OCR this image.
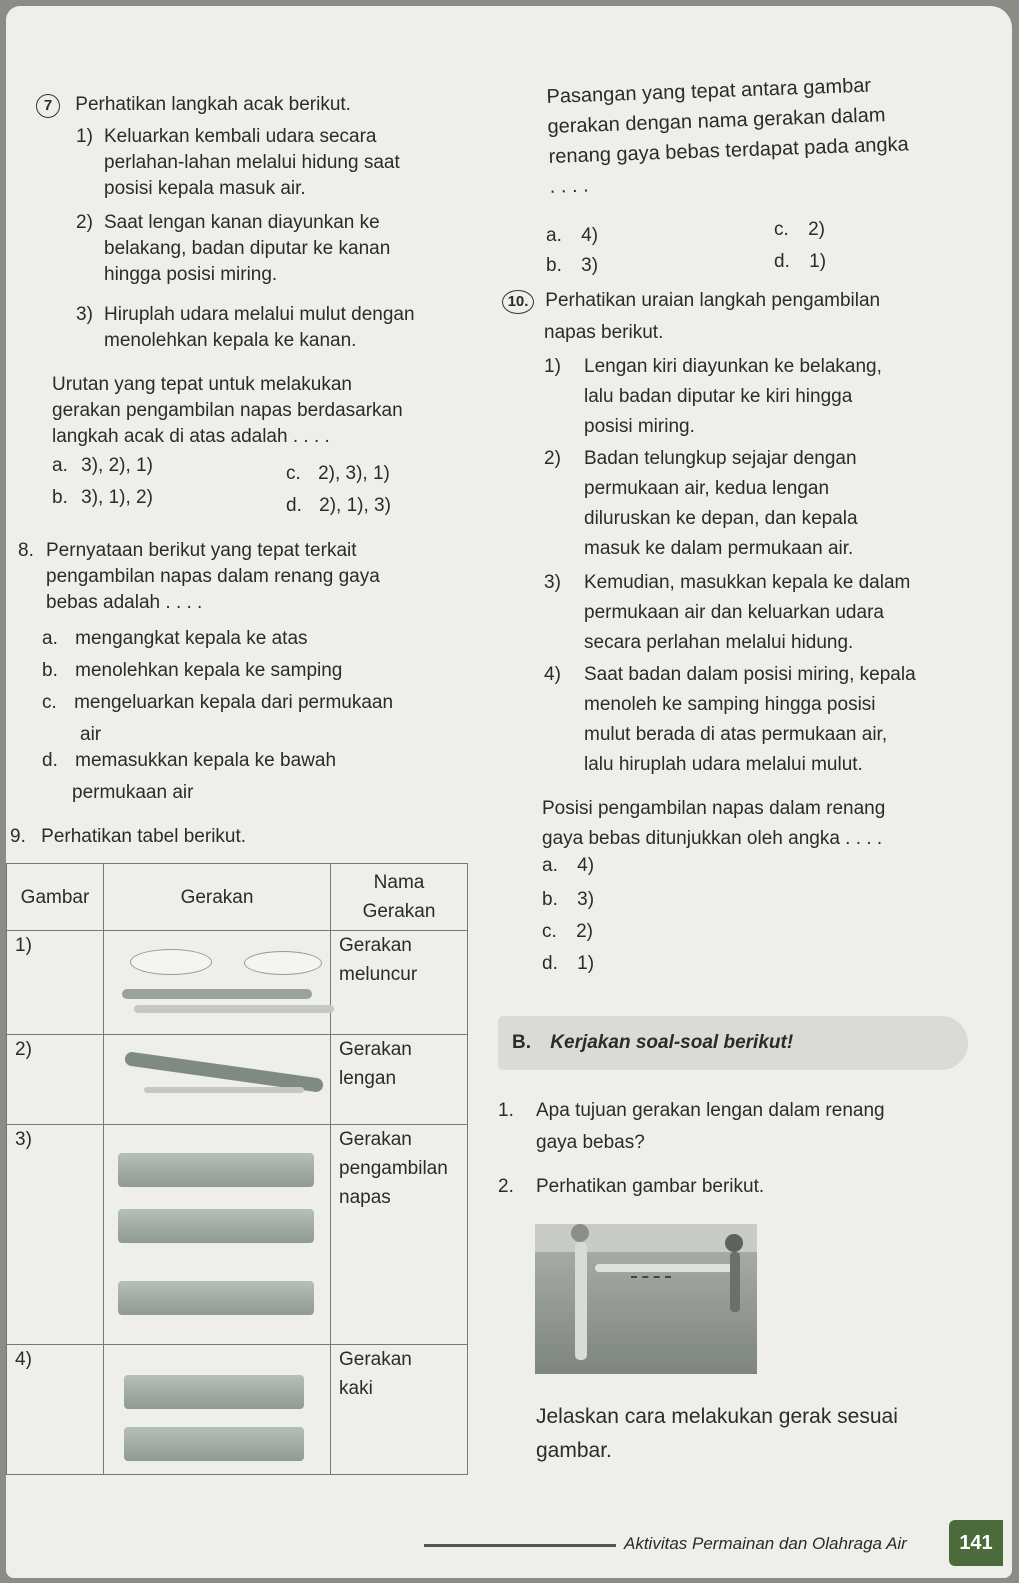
7 Perhatikan langkah acak berikut.
1) Keluarkan kembali udara secara
perlahan-lahan melalui hidung saat
posisi kepala masuk air.
2) Saat lengan kanan diayunkan ke
belakang, badan diputar ke kanan
hingga posisi miring.
3) Hiruplah udara melalui mulut dengan
menolehkan kepala ke kanan.
Urutan yang tepat untuk melakukan
gerakan pengambilan napas berdasarkan
langkah acak di atas adalah . . . .
a. 3), 2), 1)
b. 3), 1), 2)
c. 2), 3), 1)
d. 2), 1), 3)
8. Pernyataan berikut yang tepat terkait
pengambilan napas dalam renang gaya
bebas adalah . . . .
a. mengangkat kepala ke atas
b. menolehkan kepala ke samping
c. mengeluarkan kepala dari permukaan
air
d. memasukkan kepala ke bawah
permukaan air
9. Perhatikan tabel berikut.
Gambar	Gerakan	Nama Gerakan
1)		Gerakan
meluncur

2)		Gerakan
lengan

3)		Gerakan
pengambilan
napas

4)		Gerakan
kaki
Pasangan yang tepat antara gambar
gerakan dengan nama gerakan dalam
renang gaya bebas terdapat pada angka
. . . .
a. 4)
b. 3)
c. 2)
d. 1)
10. Perhatikan uraian langkah pengambilan
napas berikut.
1) Lengan kiri diayunkan ke belakang,
lalu badan diputar ke kiri hingga
posisi miring.
2) Badan telungkup sejajar dengan
permukaan air, kedua lengan
diluruskan ke depan, dan kepala
masuk ke dalam permukaan air.
3) Kemudian, masukkan kepala ke dalam
permukaan air dan keluarkan udara
secara perlahan melalui hidung.
4) Saat badan dalam posisi miring, kepala
menoleh ke samping hingga posisi
mulut berada di atas permukaan air,
lalu hiruplah udara melalui mulut.
Posisi pengambilan napas dalam renang
gaya bebas ditunjukkan oleh angka . . . .
a. 4)
b. 3)
c. 2)
d. 1)
B. Kerjakan soal-soal berikut!
1. Apa tujuan gerakan lengan dalam renang
gaya bebas?
2. Perhatikan gambar berikut.
Jelaskan cara melakukan gerak sesuai
gambar.
Aktivitas Permainan dan Olahraga Air	141
